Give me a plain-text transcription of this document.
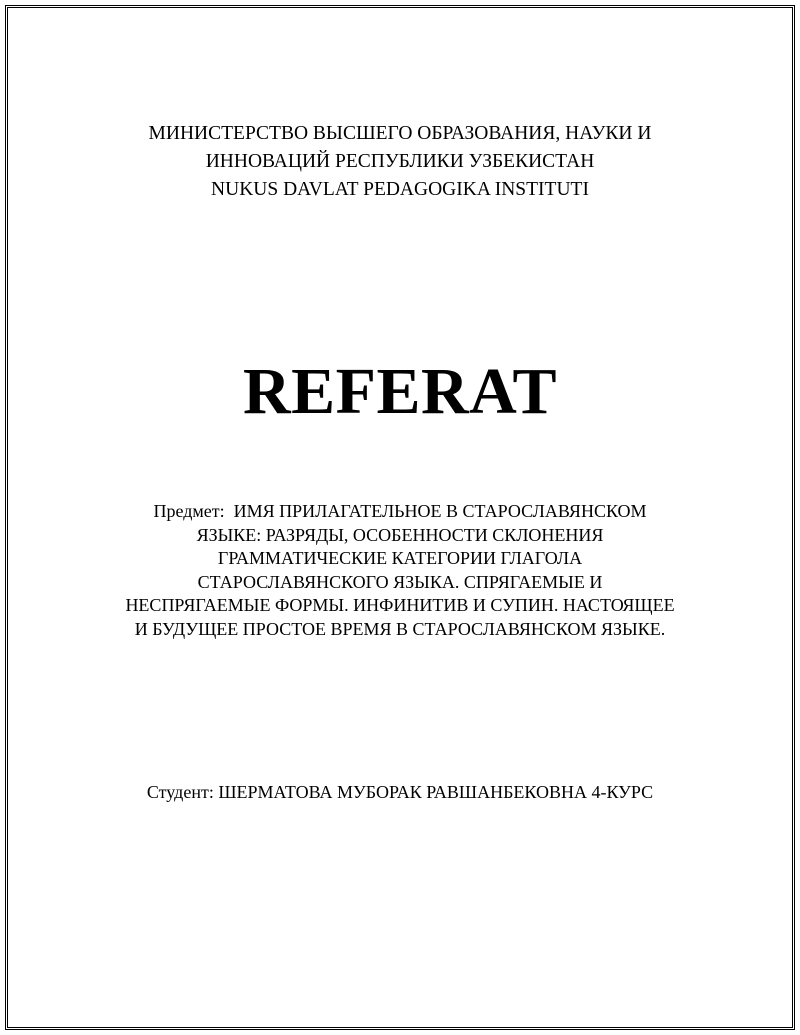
МИНИСТЕРСТВО ВЫСШЕГО ОБРАЗОВАНИЯ, НАУКИ И
ИННОВАЦИЙ РЕСПУБЛИКИ УЗБЕКИСТАН
NUKUS DAVLAT PEDAGOGIKA INSTITUTI
REFERAT
Предмет:  ИМЯ ПРИЛАГАТЕЛЬНОЕ В СТАРОСЛАВЯНСКОМ
ЯЗЫКЕ: РАЗРЯДЫ, ОСОБЕННОСТИ СКЛОНЕНИЯ
ГРАММАТИЧЕСКИЕ КАТЕГОРИИ ГЛАГОЛА
СТАРОСЛАВЯНСКОГО ЯЗЫКА. СПРЯГАЕМЫЕ И
НЕСПРЯГАЕМЫЕ ФОРМЫ. ИНФИНИТИВ И СУПИН. НАСТОЯЩЕЕ
И БУДУЩЕЕ ПРОСТОЕ ВРЕМЯ В СТАРОСЛАВЯНСКОМ ЯЗЫКЕ.
Студент: ШЕРМАТОВА МУБОРАК РАВШАНБЕКОВНА 4-КУРС
